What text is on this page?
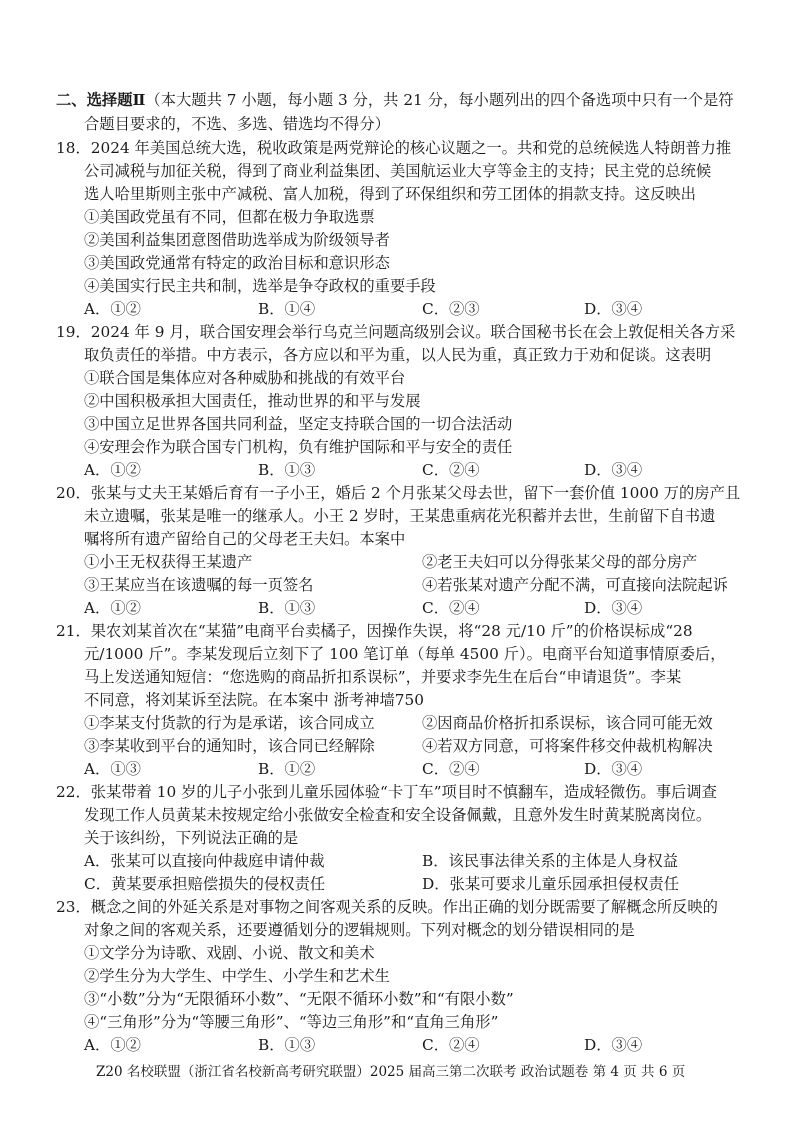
二、选择题Ⅱ（本大题共 7 小题，每小题 3 分，共 21 分，每小题列出的四个备选项中只有一个是符
合题目要求的，不选、多选、错选均不得分）
18．2024 年美国总统大选，税收政策是两党辩论的核心议题之一。共和党的总统候选人特朗普力推
公司减税与加征关税，得到了商业利益集团、美国航运业大亨等金主的支持；民主党的总统候
选人哈里斯则主张中产减税、富人加税，得到了环保组织和劳工团体的捐款支持。这反映出
①美国政党虽有不同，但都在极力争取选票
②美国利益集团意图借助选举成为阶级领导者
③美国政党通常有特定的政治目标和意识形态
④美国实行民主共和制，选举是争夺政权的重要手段
A．①②	B．①④	C．②③	D．③④
19．2024 年 9 月，联合国安理会举行乌克兰问题高级别会议。联合国秘书长在会上敦促相关各方采
取负责任的举措。中方表示，各方应以和平为重，以人民为重，真正致力于劝和促谈。这表明
①联合国是集体应对各种威胁和挑战的有效平台
②中国积极承担大国责任，推动世界的和平与发展
③中国立足世界各国共同利益，坚定支持联合国的一切合法活动
④安理会作为联合国专门机构，负有维护国际和平与安全的责任
A．①②	B．①③	C．②④	D．③④
20．张某与丈夫王某婚后育有一子小王，婚后 2 个月张某父母去世，留下一套价值 1000 万的房产且
未立遗嘱，张某是唯一的继承人。小王 2 岁时，王某患重病花光积蓄并去世，生前留下自书遗
嘱将所有遗产留给自己的父母老王夫妇。本案中
①小王无权获得王某遗产	②老王夫妇可以分得张某父母的部分房产
③王某应当在该遗嘱的每一页签名	④若张某对遗产分配不满，可直接向法院起诉
A．①②	B．①③	C．②④	D．③④
21．果农刘某首次在“某猫”电商平台卖橘子，因操作失误，将“28 元/10 斤”的价格误标成“28
元/1000 斤”。李某发现后立刻下了 100 笔订单（每单 4500 斤）。电商平台知道事情原委后，
马上发送通知短信：“您选购的商品折扣系误标”，并要求李先生在后台“申请退货”。李某
不同意，将刘某诉至法院。在本案中 浙考神墙750
①李某支付货款的行为是承诺，该合同成立	②因商品价格折扣系误标，该合同可能无效
③李某收到平台的通知时，该合同已经解除	④若双方同意，可将案件移交仲裁机构解决
A．①③	B．①②	C．②④	D．③④
22．张某带着 10 岁的儿子小张到儿童乐园体验“卡丁车”项目时不慎翻车，造成轻微伤。事后调查
发现工作人员黄某未按规定给小张做安全检查和安全设备佩戴，且意外发生时黄某脱离岗位。
关于该纠纷，下列说法正确的是
A．张某可以直接向仲裁庭申请仲裁	B．该民事法律关系的主体是人身权益
C．黄某要承担赔偿损失的侵权责任	D．张某可要求儿童乐园承担侵权责任
23．概念之间的外延关系是对事物之间客观关系的反映。作出正确的划分既需要了解概念所反映的
对象之间的客观关系，还要遵循划分的逻辑规则。下列对概念的划分错误相同的是
①文学分为诗歌、戏剧、小说、散文和美术
②学生分为大学生、中学生、小学生和艺术生
③“小数”分为“无限循环小数”、“无限不循环小数”和“有限小数”
④“三角形”分为“等腰三角形”、“等边三角形”和“直角三角形”
A．①②	B．①③	C．②④	D．③④
Z20 名校联盟（浙江省名校新高考研究联盟）2025 届高三第二次联考 政治试题卷 第 4 页 共 6 页
